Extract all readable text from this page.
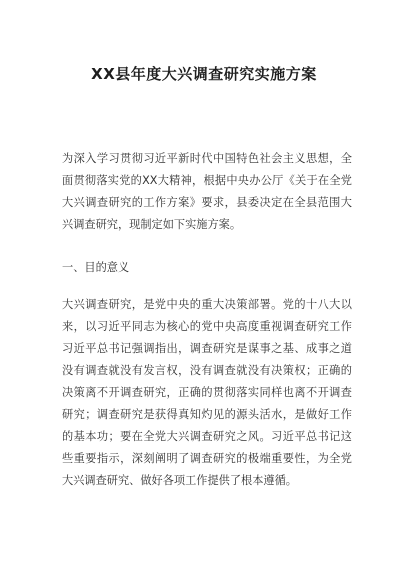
XX县年度大兴调查研究实施方案
为深入学习贯彻习近平新时代中国特色社会主义思想，全
面贯彻落实党的XX大精神，根据中央办公厅《关于在全党
大兴调查研究的工作方案》要求，县委决定在全县范围大
兴调查研究，现制定如下实施方案。
一、目的意义
大兴调查研究，是党中央的重大决策部署。党的十八大以
来，以习近平同志为核心的党中央高度重视调查研究工作
习近平总书记强调指出，调查研究是谋事之基、成事之道
没有调查就没有发言权，没有调查就没有决策权；正确的
决策离不开调查研究，正确的贯彻落实同样也离不开调查
研究；调查研究是获得真知灼见的源头活水，是做好工作
的基本功；要在全党大兴调查研究之风。习近平总书记这
些重要指示，深刻阐明了调查研究的极端重要性，为全党
大兴调查研究、做好各项工作提供了根本遵循。
